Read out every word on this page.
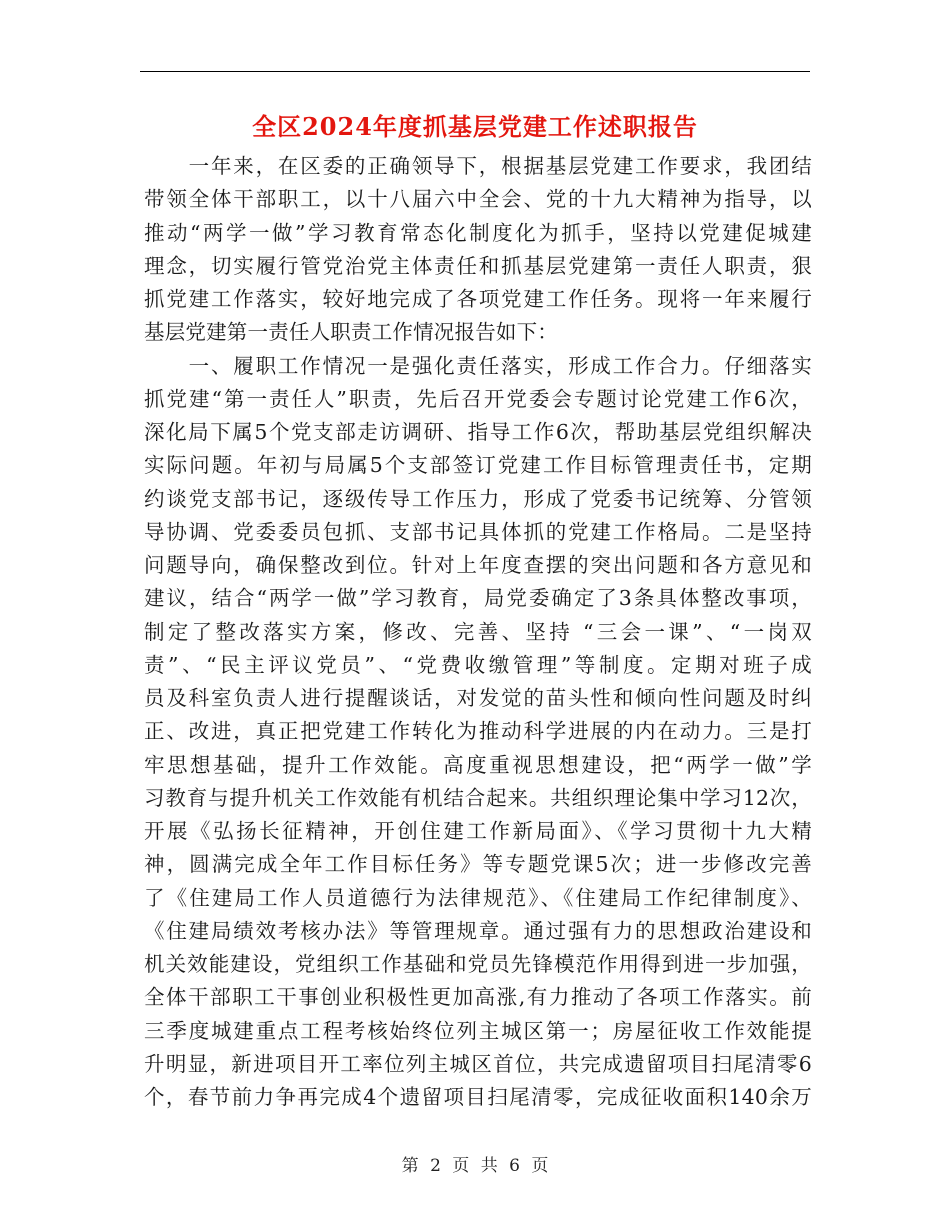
全区2024年度抓基层党建工作述职报告
　　一年来，在区委的正确领导下，根据基层党建工作要求，我团结
带领全体干部职工，以十八届六中全会、党的十九大精神为指导，以
推动“两学一做”学习教育常态化制度化为抓手，坚持以党建促城建
理念，切实履行管党治党主体责任和抓基层党建第一责任人职责，狠
抓党建工作落实，较好地完成了各项党建工作任务。现将一年来履行
基层党建第一责任人职责工作情况报告如下：
　　一、履职工作情况一是强化责任落实，形成工作合力。仔细落实
抓党建“第一责任人”职责，先后召开党委会专题讨论党建工作6次，
深化局下属5个党支部走访调研、指导工作6次，帮助基层党组织解决
实际问题。年初与局属5个支部签订党建工作目标管理责任书，定期
约谈党支部书记，逐级传导工作压力，形成了党委书记统筹、分管领
导协调、党委委员包抓、支部书记具体抓的党建工作格局。二是坚持
问题导向，确保整改到位。针对上年度查摆的突出问题和各方意见和
建议，结合“两学一做”学习教育，局党委确定了3条具体整改事项，
制定了整改落实方案，修改、完善、坚持 “三会一课”、“一岗双
责”、“民主评议党员”、“党费收缴管理”等制度。定期对班子成
员及科室负责人进行提醒谈话，对发觉的苗头性和倾向性问题及时纠
正、改进，真正把党建工作转化为推动科学进展的内在动力。三是打
牢思想基础，提升工作效能。高度重视思想建设，把“两学一做”学
习教育与提升机关工作效能有机结合起来。共组织理论集中学习12次，
开展《弘扬长征精神，开创住建工作新局面》、《学习贯彻十九大精
神，圆满完成全年工作目标任务》等专题党课5次；进一步修改完善
了《住建局工作人员道德行为法律规范》、《住建局工作纪律制度》、
《住建局绩效考核办法》等管理规章。通过强有力的思想政治建设和
机关效能建设，党组织工作基础和党员先锋模范作用得到进一步加强，
全体干部职工干事创业积极性更加高涨,有力推动了各项工作落实。前
三季度城建重点工程考核始终位列主城区第一；房屋征收工作效能提
升明显，新进项目开工率位列主城区首位，共完成遗留项目扫尾清零6
个，春节前力争再完成4个遗留项目扫尾清零，完成征收面积140余万
第 2 页 共 6 页
